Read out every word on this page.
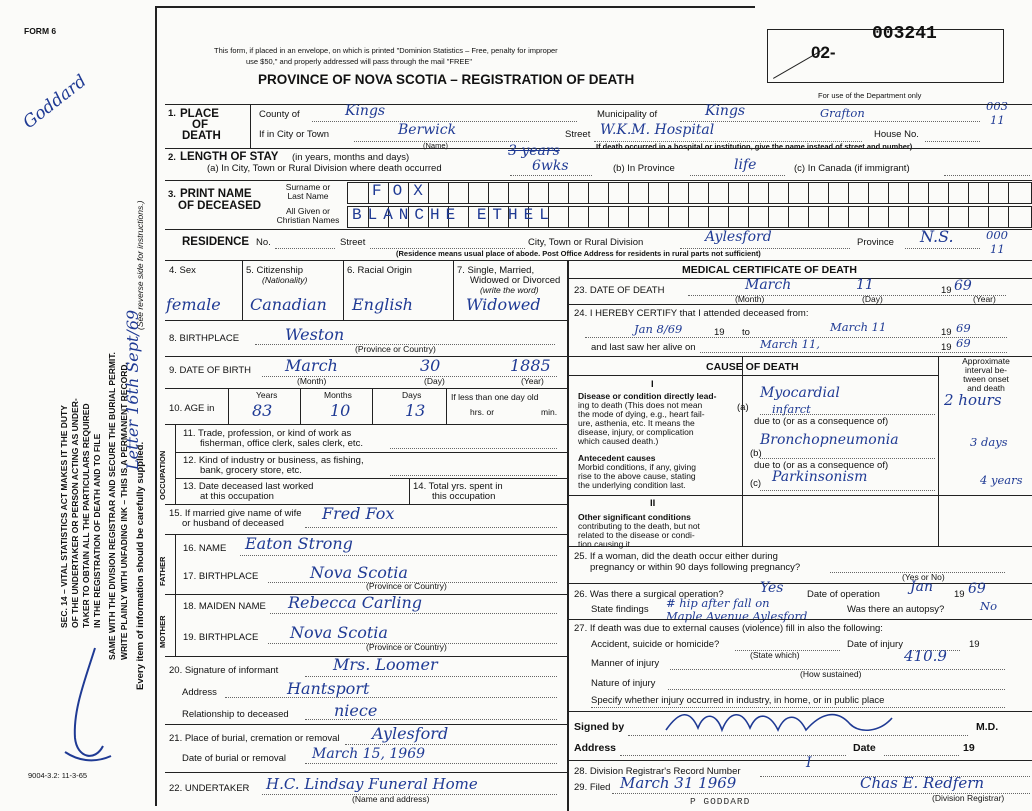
FORM 6
This form, if placed in an envelope, on which is printed "Dominion Statistics – Free, penalty for improper
use $50," and properly addressed will pass through the mail "FREE"
PROVINCE OF NOVA SCOTIA – REGISTRATION OF DEATH
02-
003241
For use of the Department only
003
11
000
11
Goddard
9004-3.2: 11-3-65
SEC. 14 – VITAL STATISTICS ACT MAKES IT THE DUTY OF THE UNDERTAKER OR PERSON ACTING AS UNDER- TAKER TO OBTAIN ALL THE PARTICULARS REQUIRED IN THE REGISTRATION OF DEATH AND TO FILE SAME WITH THE DIVISION REGISTRAR AND SECURE THE BURIAL PERMIT. WRITE PLAINLY WITH UNFADING INK – THIS IS A PERMANENT RECORD. Every item of information should be carefully supplied.
(See reverse side for instructions.)
Letter 16th Sept/69
1. PLACE
OF
DEATH
County of	Kings	Municipality of	Kings	Grafton
If in City or Town	Berwick
(Name)
Street W.K.M. Hospital	House No.
If death occurred in a hospital or institution, give the name instead of street and number)
2. LENGTH OF STAY (in years, months and days)
(a) In City, Town or Rural Division where death occurred
3 years
6wks	(b) In Province	life	(c) In Canada (if immigrant)
3. PRINT NAME
OF DECEASED
Surname or
Last Name
All Given or
Christian Names
FOX
BLANCHE ETHEL
RESIDENCE No.	Street	City, Town or Rural Division	Aylesford	Province N.S.
(Residence means usual place of abode. Post Office Address for residents in rural parts not sufficient)
4. Sex	5. Citizenship
(Nationality)
6. Racial Origin	7. Single, Married,
Widowed or Divorced
(write the word)
female Canadian English	Widowed
8. BIRTHPLACE	Weston
(Province or Country)
9. DATE OF BIRTH March	30	1885
(Month)	(Day)	(Year)
10. AGE in
Years	Months	Days
83	10	13
If less than one day old
hrs. or	min.
OCCUPATION
11. Trade, profession, or kind of work as
fisherman, office clerk, sales clerk, etc.
12. Kind of industry or business, as fishing,
bank, grocery store, etc.
13. Date deceased last worked
at this occupation
14. Total yrs. spent in
this occupation
15. If married give name of wife
or husband of deceased
Fred Fox
FATHER
16. NAME Eaton Strong
17. BIRTHPLACE	Nova Scotia
(Province or Country)
MOTHER
18. MAIDEN NAME Rebecca Carling
19. BIRTHPLACE Nova Scotia
(Province or Country)
20. Signature of informant	Mrs. Loomer
Address	Hantsport
Relationship to deceased	niece
21. Place of burial, cremation or removal Aylesford
Date of burial or removal March 15, 1969
22. UNDERTAKER H.C. Lindsay Funeral Home
(Name and address)
MEDICAL CERTIFICATE OF DEATH
23. DATE OF DEATH	March	11	19 69
(Month)	(Day)	(Year)
24. I HEREBY CERTIFY that I attended deceased from:
Jan 8/69	19 to	March 11	19 69
and last saw her alive on	March 11,	19 69
CAUSE OF DEATH	Approximate
interval be-
tween onset
and death
I
Disease or condition directly lead-
ing to death (This does not mean
the mode of dying, e.g., heart fail-
ure, asthenia, etc. It means the
disease, injury, or complication
which caused death.)
(a)
Myocardial
infarct	2 hours
due to (or as a consequence of)
Antecedent causes
Morbid conditions, if any, giving
rise to the above cause, stating
the underlying condition last.
(b)
Bronchopneumonia	3 days
due to (or as a consequence of)
(c) Parkinsonism	4 years
II
Other significant conditions
contributing to the death, but not
related to the disease or condi-
tion causing it.
25. If a woman, did the death occur either during
pregnancy or within 90 days following pregnancy?
(Yes or No)
26. Was there a surgical operation?	Yes Date of operation Jan 19 69
State findings # hip after fall on	Was there an autopsy?	No
Maple Avenue Aylesford
27. If death was due to external causes (violence) fill in also the following:
Accident, suicide or homicide?	Date of injury	19
(State which)	410.9
Manner of injury
(How sustained)
Nature of injury
Specify whether injury occurred in industry, in home, or in public place
Signed by	M.D.
Address	Date	19
28. Division Registrar's Record Number
I
29. Filed March 31 1969	Chas E. Redfern
(Division Registrar)
P GODDARD
